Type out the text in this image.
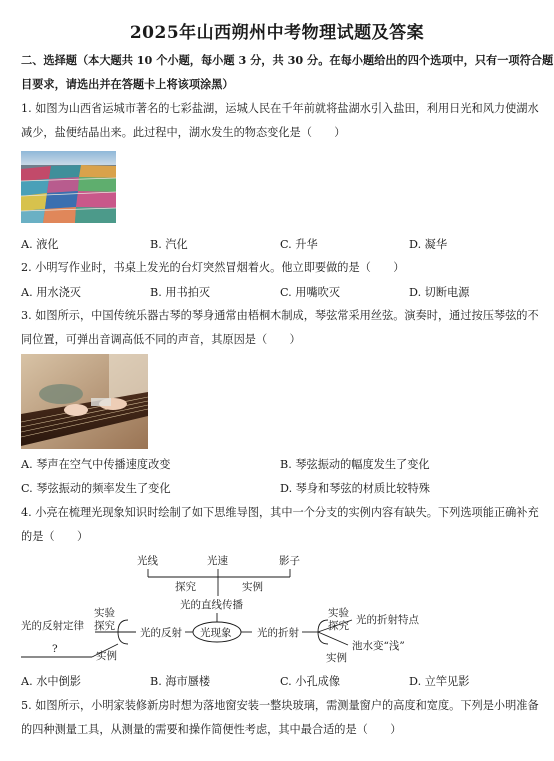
2025年山西朔州中考物理试题及答案
二、选择题（本大题共 10 个小题，每小题 3 分，共 30 分。在每小题给出的四个选项中，只有一项符合题
目要求，请选出并在答题卡上将该项涂黑）
1. 如图为山西省运城市著名的七彩盐湖，运城人民在千年前就将盐湖水引入盐田，利用日光和风力使湖水
减少，盐便结晶出来。此过程中，湖水发生的物态变化是（　　）
A. 液化	B. 汽化	C. 升华	D. 凝华
2. 小明写作业时，书桌上发光的台灯突然冒烟着火。他立即要做的是（　　）
A. 用水浇灭	B. 用书拍灭	C. 用嘴吹灭	D. 切断电源
3. 如图所示，中国传统乐器古琴的琴身通常由梧桐木制成，琴弦常采用丝弦。演奏时，通过按压琴弦的不
同位置，可弹出音调高低不同的声音，其原因是（　　）
A. 琴声在空气中传播速度改变	B. 琴弦振动的幅度发生了变化
C. 琴弦振动的频率发生了变化	D. 琴身和琴弦的材质比较特殊
4. 小亮在梳理光现象知识时绘制了如下思维导图，其中一个分支的实例内容有缺失。下列选项能正确补充
的是（　　）
光线	光速	影子
探究	实例
光的直线传播
光现象
光的反射	光的折射
光的反射定律
实验
探究
?
实例
实验
探究 光的折射特点
池水变“浅”
实例
A. 水中倒影	B. 海市蜃楼	C. 小孔成像	D. 立竿见影
5. 如图所示，小明家装修新房时想为落地窗安装一整块玻璃，需测量窗户的高度和宽度。下列是小明准备
的四种测量工具，从测量的需要和操作简便性考虑，其中最合适的是（　　）
